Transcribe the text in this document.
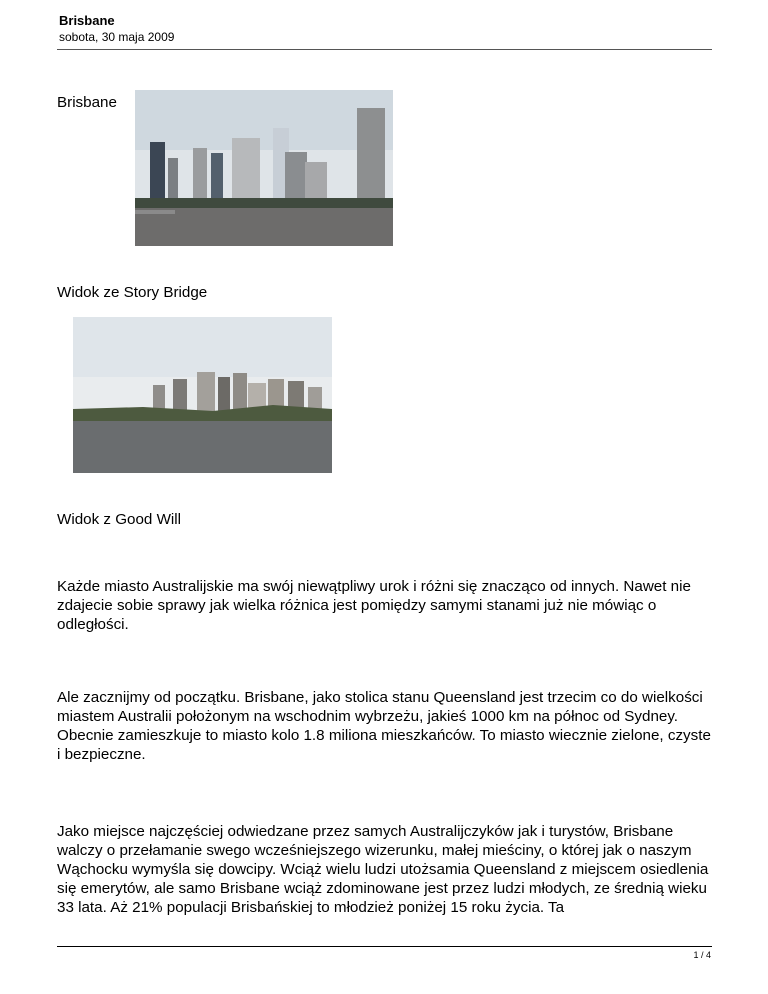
Brisbane
sobota, 30 maja 2009
Brisbane
Widok ze Story Bridge
Widok z Good Will

Każde miasto Australijskie ma swój niewątpliwy urok i różni się znacząco od innych. Nawet nie zdajecie sobie sprawy jak wielka różnica jest pomiędzy samymi stanami już nie mówiąc o odległości.

Ale zacznijmy od początku. Brisbane, jako stolica stanu Queensland jest trzecim co do wielkości miastem Australii położonym na wschodnim wybrzeżu, jakieś 1000 km na północ od Sydney. Obecnie zamieszkuje to miasto kolo 1.8 miliona mieszkańców. To miasto wiecznie zielone, czyste i bezpieczne.

Jako miejsce najczęściej odwiedzane przez samych Australijczyków jak i turystów, Brisbane walczy o przełamanie swego wcześniejszego wizerunku, małej mieściny, o której jak o naszym Wąchocku wymyśla się dowcipy. Wciąż wielu ludzi utożsamia Queensland z miejscem osiedlenia się emerytów, ale samo Brisbane wciąż zdominowane jest przez ludzi młodych, ze średnią wieku 33 lata. Aż 21% populacji Brisbańskiej to młodzież poniżej 15 roku życia. Ta

1 / 4
